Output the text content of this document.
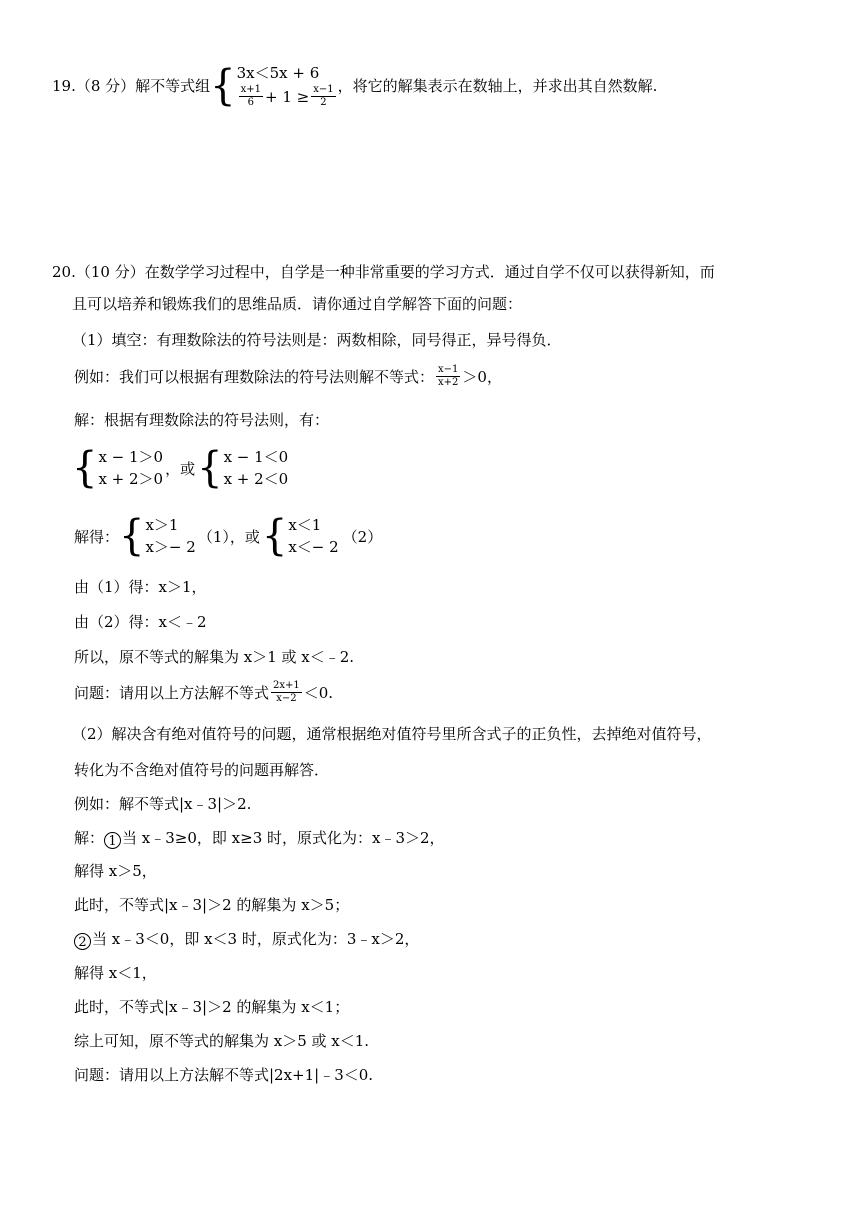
19.（8 分）解不等式组 { 3x＜5x + 6
$\frac{x+1}{6} + 1 \ge \frac{x-1}{2}$ ，将它的解集表示在数轴上，并求出其自然数解.
20.（10 分）在数学学习过程中，自学是一种非常重要的学习方式．通过自学不仅可以获得新知，而
且可以培养和锻炼我们的思维品质．请你通过自学解答下面的问题：
（1）填空：有理数除法的符号法则是：两数相除，同号得正，异号得负．
例如：我们可以根据有理数除法的符号法则解不等式： $\frac{x-1}{x+2} >0$，
解：根据有理数除法的符号法则，有：
{ x − 1＞0
x + 2＞0
，或 { x − 1＜0
x + 2＜0
解得： { x＞1
x＞− 2
（1），或 { x＜1
x＜− 2
（2）
由（1）得：x＞1，
由（2）得：x＜﹣2
所以，原不等式的解集为 x＞1 或 x＜﹣2.
问题：请用以上方法解不等式 $\frac{2x+1}{x-2} <0$.
（2）解决含有绝对值符号的问题，通常根据绝对值符号里所含式子的正负性，去掉绝对值符号，
转化为不含绝对值符号的问题再解答．
例如：解不等式|x﹣3|＞2.
解： 1 当 x﹣3≥0，即 x≥3 时，原式化为：x﹣3＞2，
解得 x＞5，
此时，不等式|x﹣3|＞2 的解集为 x＞5；
2 当 x﹣3＜0，即 x＜3 时，原式化为：3﹣x＞2，
解得 x＜1，
此时，不等式|x﹣3|＞2 的解集为 x＜1；
综上可知，原不等式的解集为 x＞5 或 x＜1.
问题：请用以上方法解不等式|2x+1|﹣3＜0.
